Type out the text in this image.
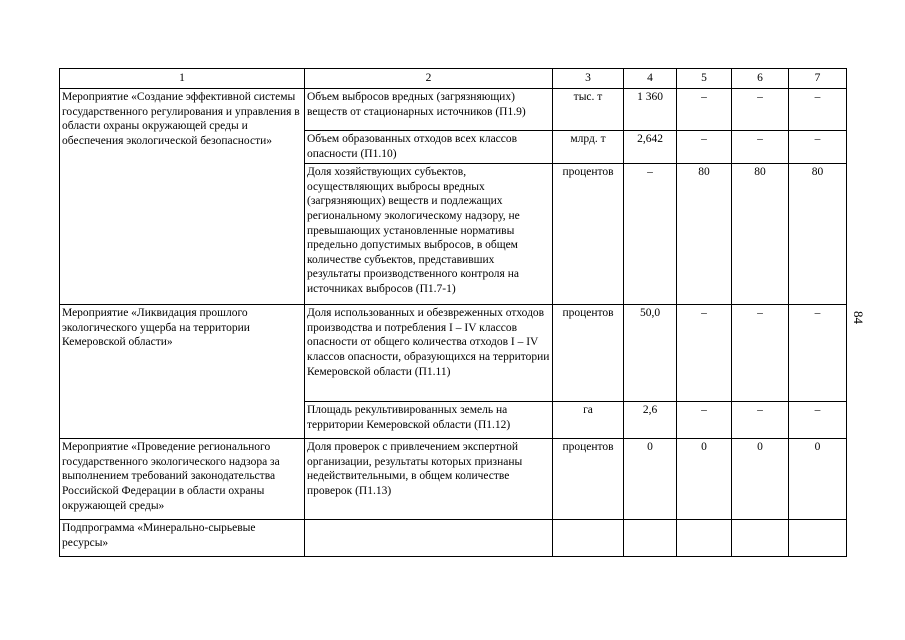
1	2	3	4	5	6	7
Мероприятие «Создание эффективной системы государственного регулирования и управления в области охраны окружающей среды и обеспечения экологической безопасности»	Объем выбросов вредных (загрязняющих) веществ от стационарных источников (П1.9)	тыс. т	1 360	–	–	–
	Объем образованных отходов всех классов опасности (П1.10)	млрд. т	2,642	–	–	–
	Доля хозяйствующих субъектов, осуществляющих выбросы вредных (загрязняющих) веществ и подлежащих региональному экологическому надзору, не превышающих установленные нормативы предельно допустимых выбросов, в общем количестве субъектов, представивших результаты производственного контроля на источниках выбросов (П1.7-1)	процентов	–	80	80	80
Мероприятие «Ликвидация прошлого экологического ущерба на территории Кемеровской области»	Доля использованных и обезвреженных отходов производства и потребления I – IV классов опасности от общего количества отходов I – IV классов опасности, образующихся на территории Кемеровской области (П1.11)	процентов	50,0	–	–	–
	Площадь рекультивированных земель на территории Кемеровской области (П1.12)	га	2,6	–	–	–
Мероприятие «Проведение регионального государственного экологического надзора за выполнением требований законодательства Российской Федерации в области охраны окружающей среды»	Доля проверок с привлечением экспертной организации, результаты которых признаны недействительными, в общем количестве проверок (П1.13)	процентов	0	0	0	0
Подпрограмма «Минерально-сырьевые ресурсы»						
84
